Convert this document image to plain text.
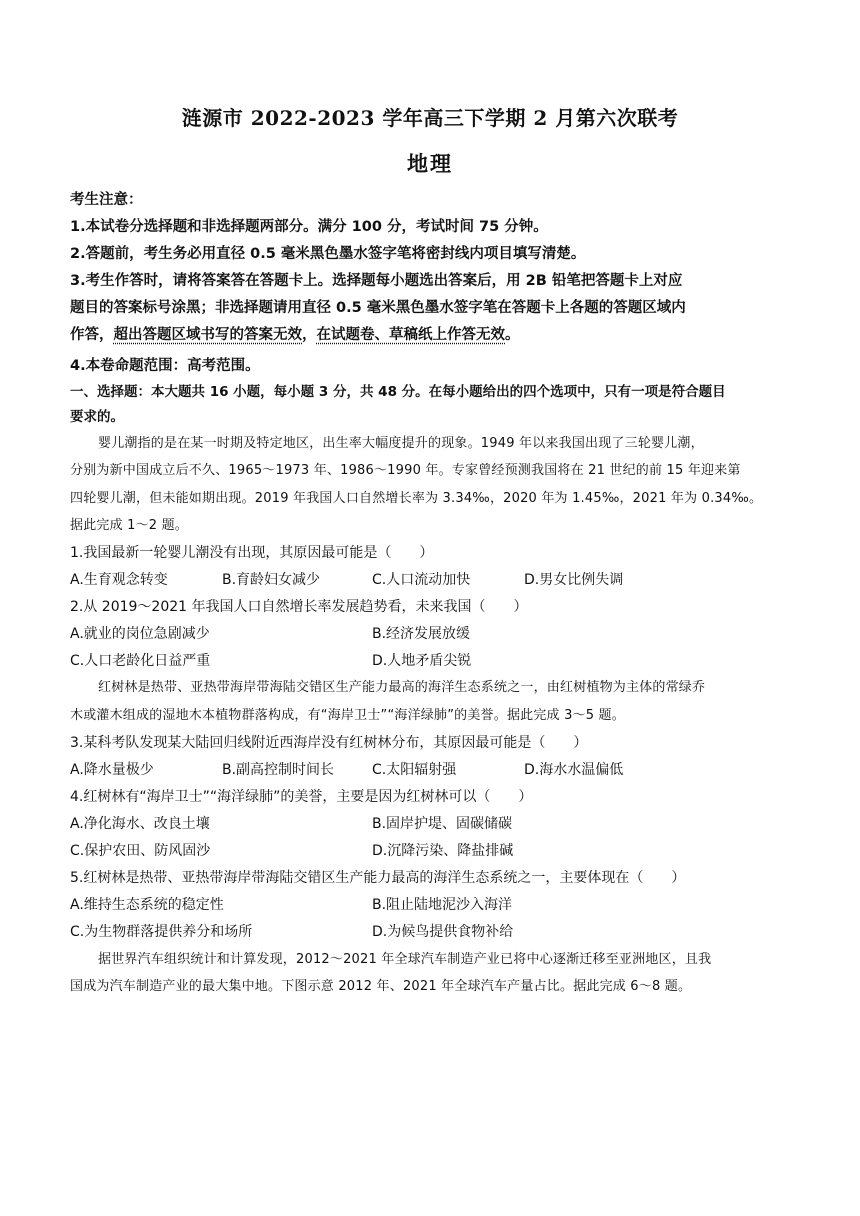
涟源市 2022-2023 学年高三下学期 2 月第六次联考
地理
考生注意：
1.本试卷分选择题和非选择题两部分。满分 100 分，考试时间 75 分钟。
2.答题前，考生务必用直径 0.5 毫米黑色墨水签字笔将密封线内项目填写清楚。
3.考生作答时，请将答案答在答题卡上。选择题每小题选出答案后，用 2B 铅笔把答题卡上对应
题目的答案标号涂黑；非选择题请用直径 0.5 毫米黑色墨水签字笔在答题卡上各题的答题区域内
作答，超出答题区域书写的答案无效，在试题卷、草稿纸上作答无效。
4.本卷命题范围：高考范围。
一、选择题：本大题共 16 小题，每小题 3 分，共 48 分。在每小题给出的四个选项中，只有一项是符合题目
要求的。
婴儿潮指的是在某一时期及特定地区，出生率大幅度提升的现象。1949 年以来我国出现了三轮婴儿潮，
分别为新中国成立后不久、1965～1973 年、1986～1990 年。专家曾经预测我国将在 21 世纪的前 15 年迎来第
四轮婴儿潮，但未能如期出现。2019 年我国人口自然增长率为 3.34‰，2020 年为 1.45‰，2021 年为 0.34‰。
据此完成 1～2 题。
1.我国最新一轮婴儿潮没有出现，其原因最可能是（　　）
A.生育观念转变	B.育龄妇女减少	C.人口流动加快	D.男女比例失调
2.从 2019～2021 年我国人口自然增长率发展趋势看，未来我国（　　）
A.就业的岗位急剧减少	B.经济发展放缓
C.人口老龄化日益严重	D.人地矛盾尖锐
红树林是热带、亚热带海岸带海陆交错区生产能力最高的海洋生态系统之一，由红树植物为主体的常绿乔
木或灌木组成的湿地木本植物群落构成，有“海岸卫士”“海洋绿肺”的美誉。据此完成 3～5 题。
3.某科考队发现某大陆回归线附近西海岸没有红树林分布，其原因最可能是（　　）
A.降水量极少	B.副高控制时间长	C.太阳辐射强	D.海水水温偏低
4.红树林有“海岸卫士”“海洋绿肺”的美誉，主要是因为红树林可以（　　）
A.净化海水、改良土壤	B.固岸护堤、固碳储碳
C.保护农田、防风固沙	D.沉降污染、降盐排碱
5.红树林是热带、亚热带海岸带海陆交错区生产能力最高的海洋生态系统之一，主要体现在（　　）
A.维持生态系统的稳定性	B.阻止陆地泥沙入海洋
C.为生物群落提供养分和场所	D.为候鸟提供食物补给
据世界汽车组织统计和计算发现，2012～2021 年全球汽车制造产业已将中心逐渐迁移至亚洲地区，且我
国成为汽车制造产业的最大集中地。下图示意 2012 年、2021 年全球汽车产量占比。据此完成 6～8 题。
